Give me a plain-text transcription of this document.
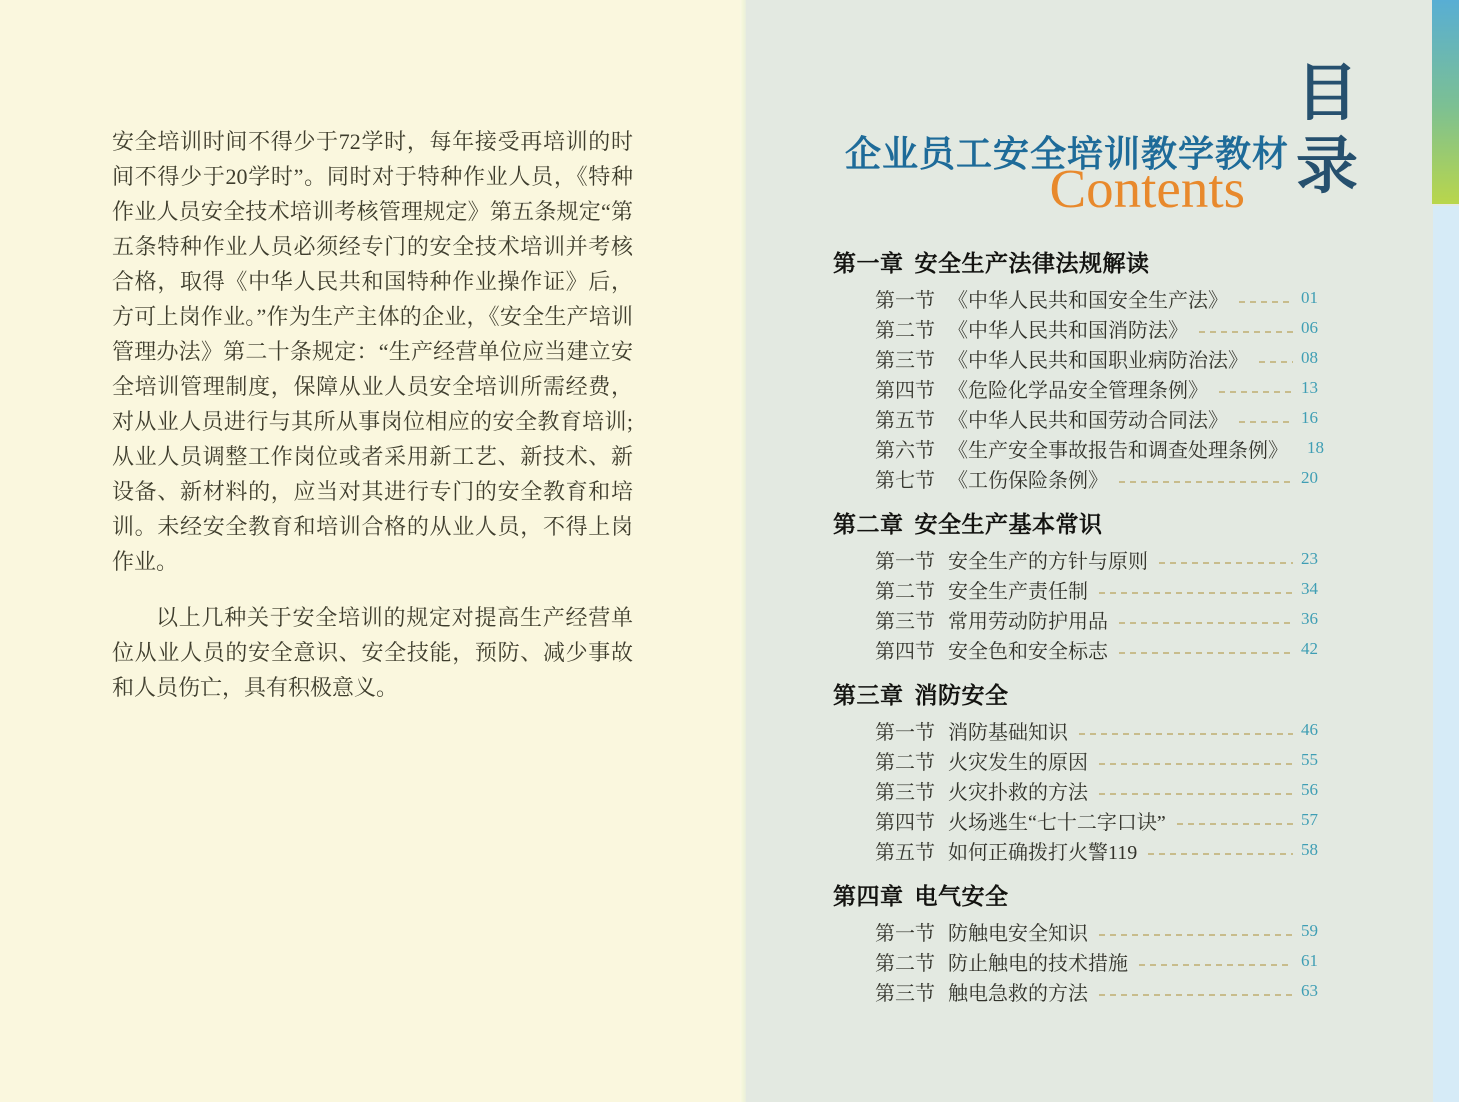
安全培训时间不得少于72学时，每年接受再培训的时间不得少于20学时”。同时对于特种作业人员，《特种作业人员安全技术培训考核管理规定》第五条规定“第五条特种作业人员必须经专门的安全技术培训并考核合格，取得《中华人民共和国特种作业操作证》后，方可上岗作业。”作为生产主体的企业，《安全生产培训管理办法》第二十条规定：“生产经营单位应当建立安全培训管理制度，保障从业人员安全培训所需经费，对从业人员进行与其所从事岗位相应的安全教育培训;从业人员调整工作岗位或者采用新工艺、新技术、新设备、新材料的，应当对其进行专门的安全教育和培训。未经安全教育和培训合格的从业人员，不得上岗作业。
以上几种关于安全培训的规定对提高生产经营单位从业人员的安全意识、安全技能，预防、减少事故和人员伤亡，具有积极意义。
企业员工安全培训教学教材
Contents
目
录
第一章 安全生产法律法规解读
第一节 《中华人民共和国安全生产法》	01
第二节 《中华人民共和国消防法》	06
第三节 《中华人民共和国职业病防治法》	08
第四节 《危险化学品安全管理条例》	13
第五节 《中华人民共和国劳动合同法》	16
第六节 《生产安全事故报告和调查处理条例》 18
第七节 《工伤保险条例》	20
第二章 安全生产基本常识
第一节 安全生产的方针与原则	23
第二节 安全生产责任制	34
第三节 常用劳动防护用品	36
第四节 安全色和安全标志	42
第三章 消防安全
第一节 消防基础知识	46
第二节 火灾发生的原因	55
第三节 火灾扑救的方法	56
第四节 火场逃生“七十二字口诀”	57
第五节 如何正确拨打火警119	58
第四章 电气安全
第一节 防触电安全知识	59
第二节 防止触电的技术措施	61
第三节 触电急救的方法	63
